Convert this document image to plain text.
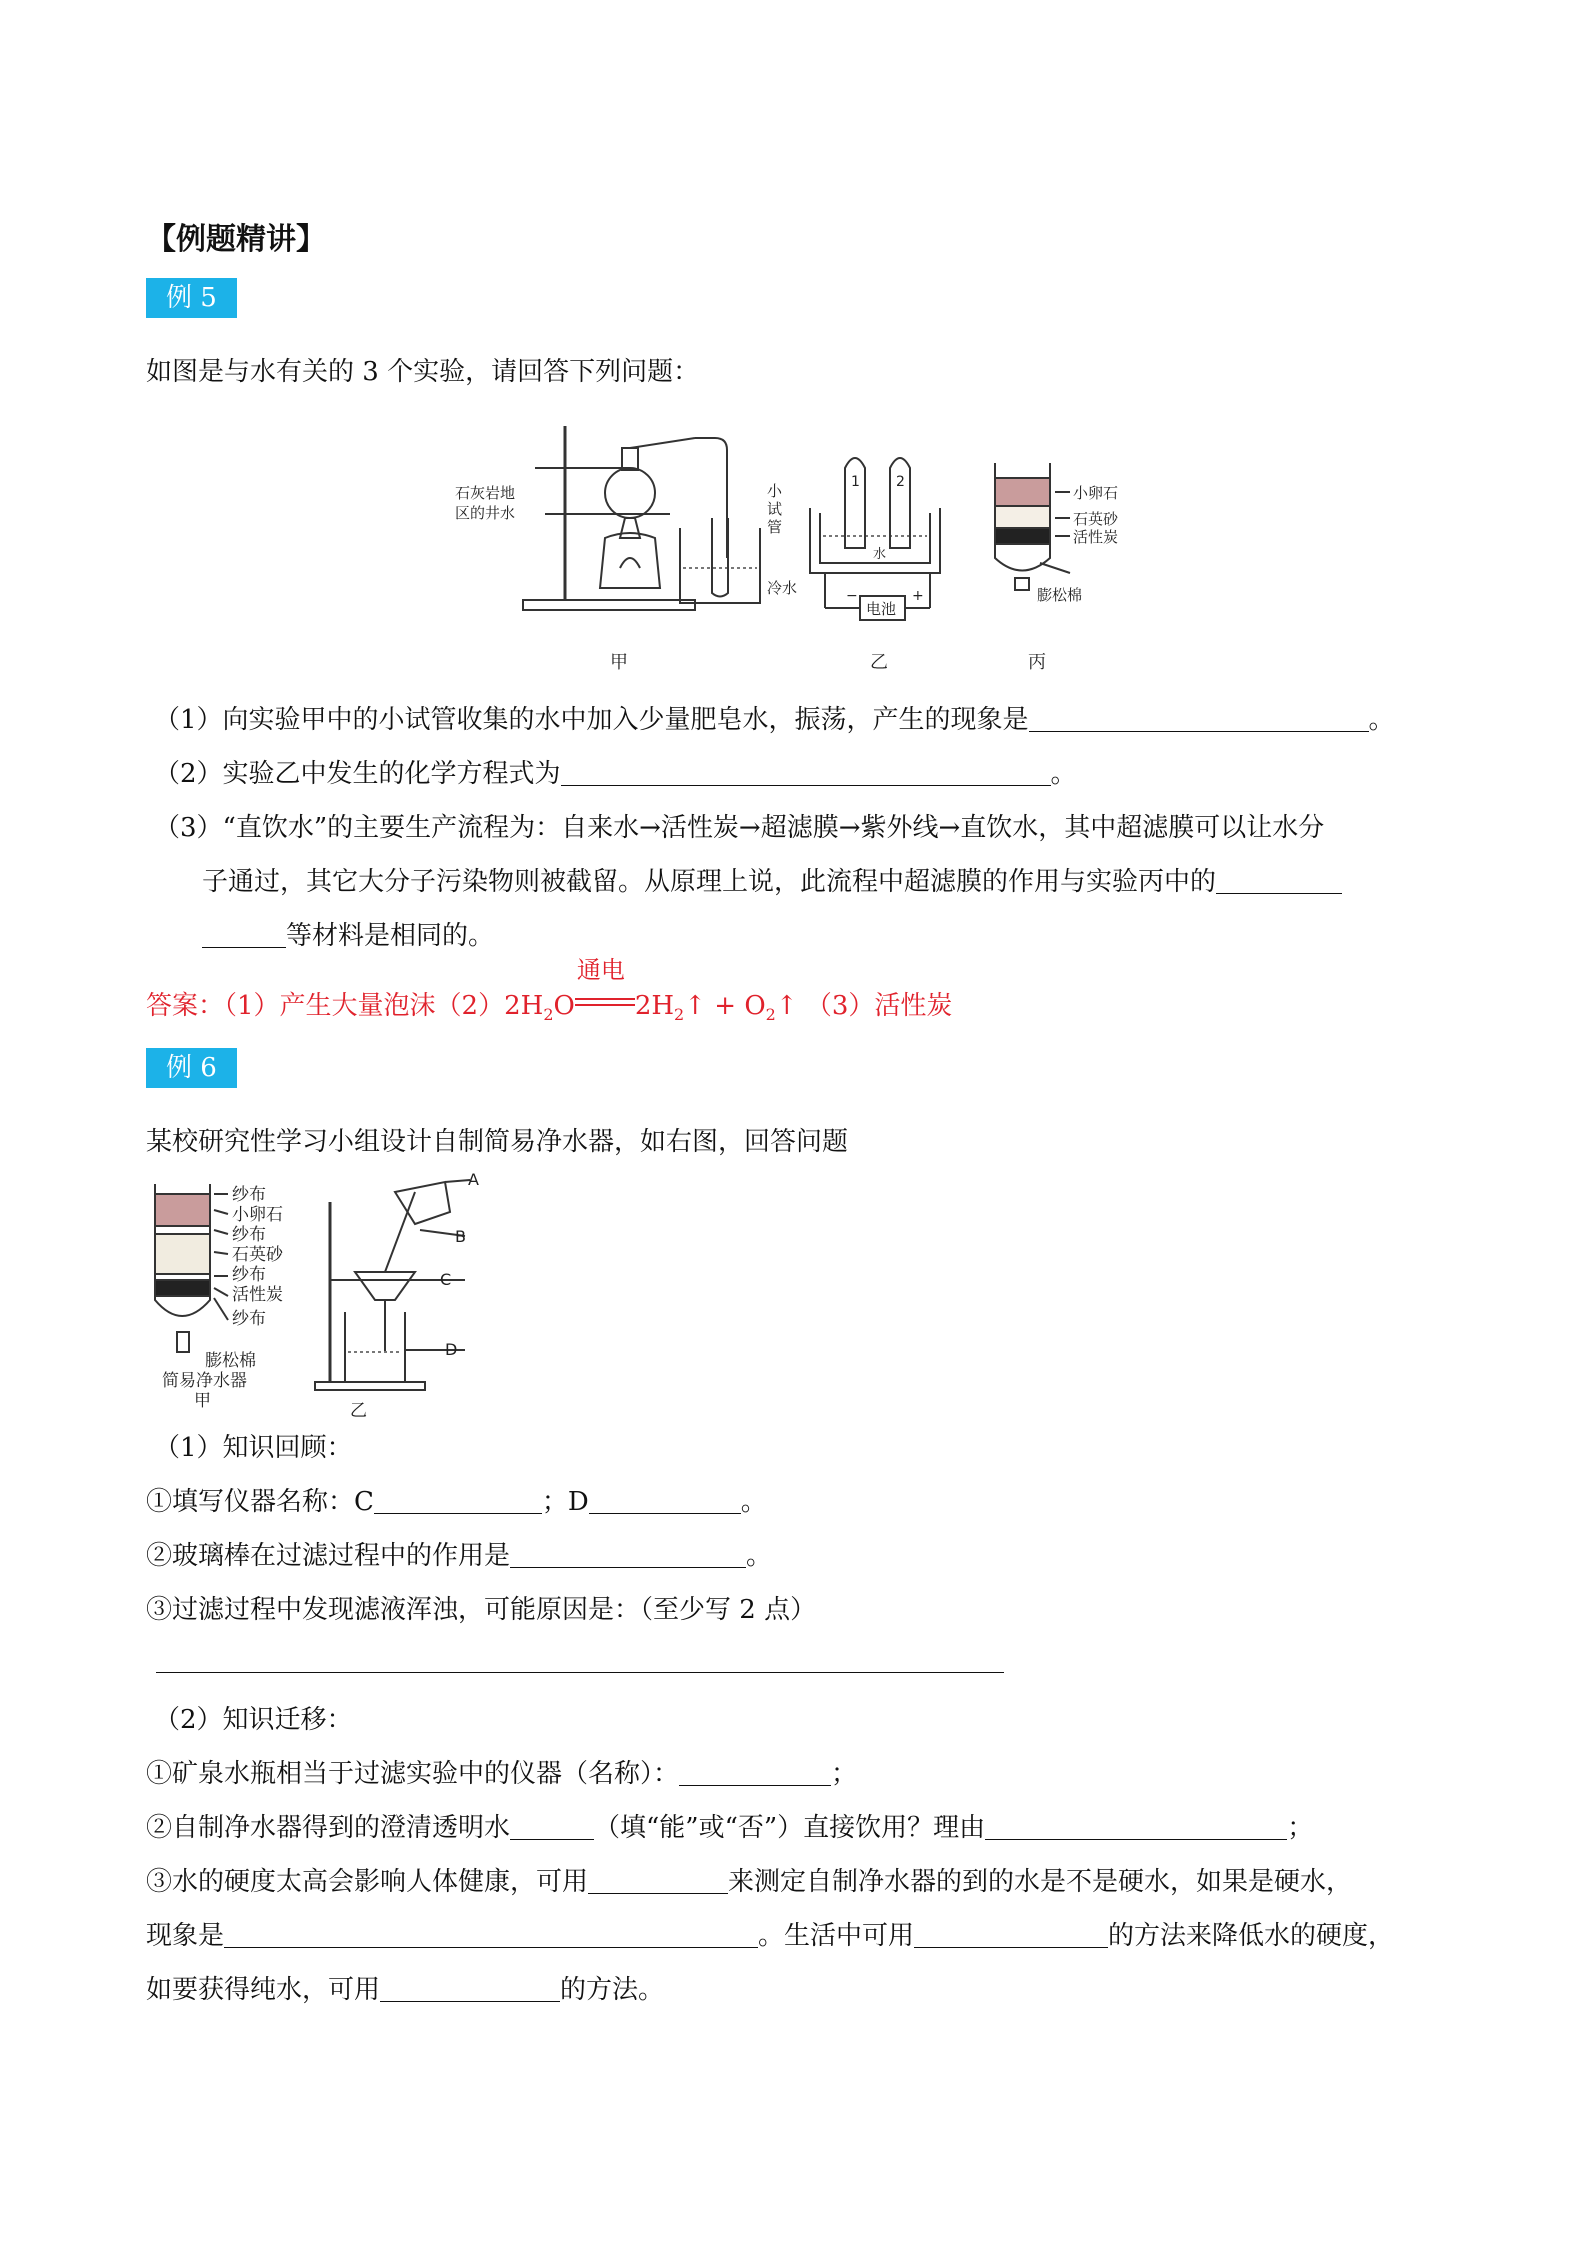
【例题精讲】
例 5
如图是与水有关的 3 个实验，请回答下列问题：
石灰岩地
区的井水
小
试
管
冷水
1	2
水
电池
−	+
小卵石
石英砂
活性炭
膨松棉
甲	乙	丙
（1）向实验甲中的小试管收集的水中加入少量肥皂水，振荡，产生的现象是	。
（2）实验乙中发生的化学方程式为	。
（3）“直饮水”的主要生产流程为：自来水→活性炭→超滤膜→紫外线→直饮水，其中超滤膜可以让水分
子通过，其它大分子污染物则被截留。从原理上说，此流程中超滤膜的作用与实验丙中的
等材料是相同的。
答案：（1）产生大量泡沫$(2)2H_2O$
通电
$2H_2↑$ + $O_2↑$ （3）活性炭
例 6
某校研究性学习小组设计自制简易净水器，如右图，回答问题
纱布
小卵石
纱布
石英砂
纱布
活性炭
纱布
膨松棉
简易净水器
甲
A
B
C
D
乙
（1）知识回顾：
①填写仪器名称：C	；D	。
②玻璃棒在过滤过程中的作用是	。
③过滤过程中发现滤液浑浊，可能原因是：（至少写 2 点）
（2）知识迁移：
①矿泉水瓶相当于过滤实验中的仪器（名称）：	；
②自制净水器得到的澄清透明水	（填“能”或“否”）直接饮用？理由	；
③水的硬度太高会影响人体健康，可用	来测定自制净水器的到的水是不是硬水，如果是硬水，
现象是	。生活中可用	的方法来降低水的硬度，
如要获得纯水，可用	的方法。
